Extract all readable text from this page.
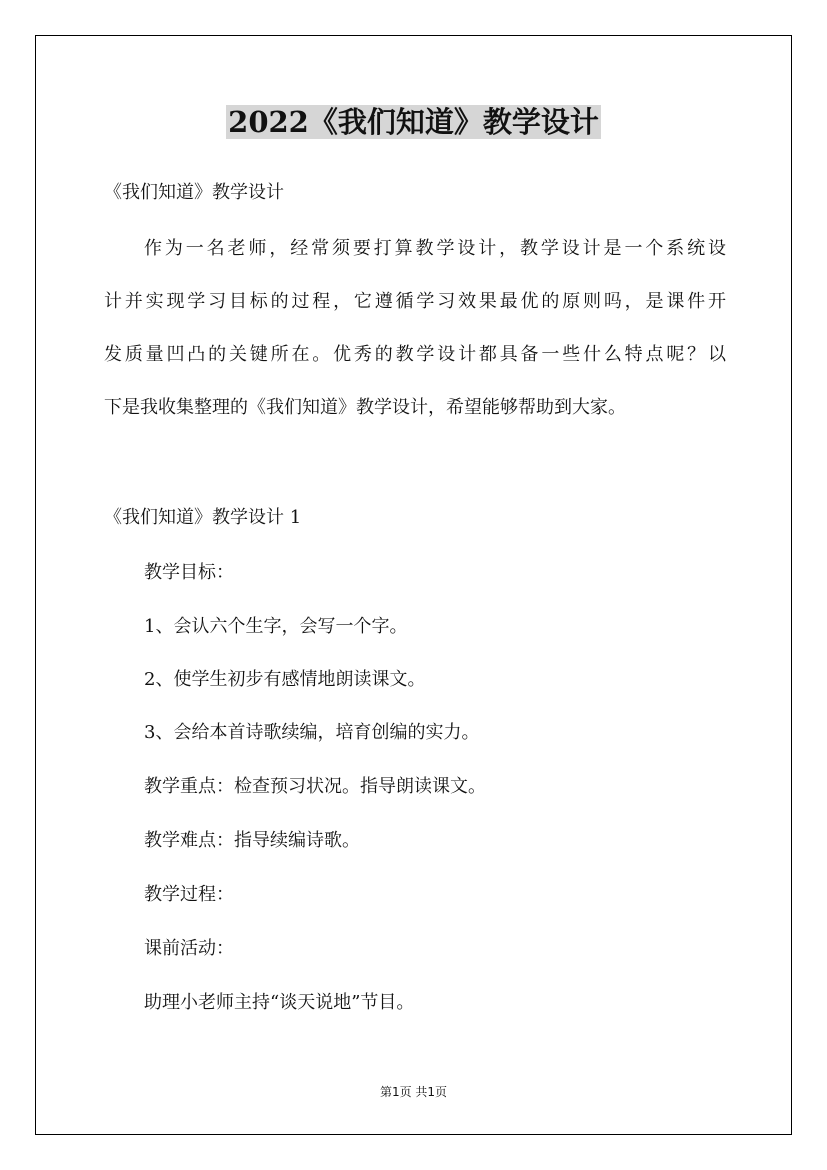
2022《我们知道》教学设计

《我们知道》教学设计

作为一名老师，经常须要打算教学设计，教学设计是一个系统设

计并实现学习目标的过程，它遵循学习效果最优的原则吗，是课件开

发质量凹凸的关键所在。优秀的教学设计都具备一些什么特点呢？以

下是我收集整理的《我们知道》教学设计，希望能够帮助到大家。

《我们知道》教学设计 1

教学目标：

1、会认六个生字，会写一个字。

2、使学生初步有感情地朗读课文。

3、会给本首诗歌续编，培育创编的实力。

教学重点：检查预习状况。指导朗读课文。

教学难点：指导续编诗歌。

教学过程：

课前活动：

助理小老师主持“谈天说地”节目。

第1页 共1页
